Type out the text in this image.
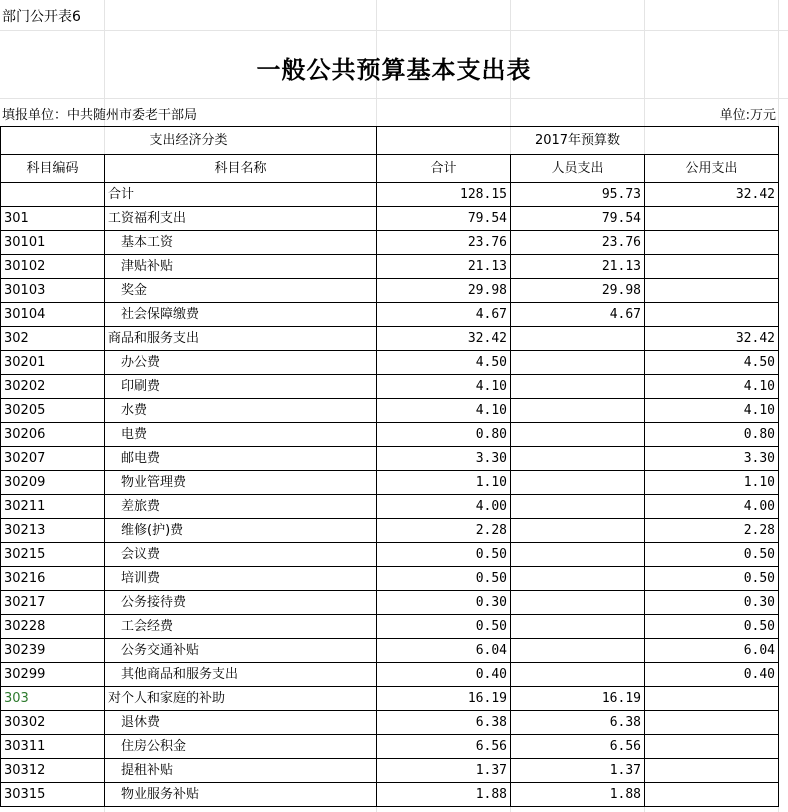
部门公开表6
一般公共预算基本支出表
填报单位：中共随州市委老干部局	单位:万元
支出经济分类		2017年预算数		
科目编码	科目名称	合计	人员支出	公用支出
	合计	128.15	95.73	32.42
301	工资福利支出	79.54	79.54	
30101	基本工资	23.76	23.76	
30102	津贴补贴	21.13	21.13	
30103	奖金	29.98	29.98	
30104	社会保障缴费	4.67	4.67	
302	商品和服务支出	32.42		32.42
30201	办公费	4.50		4.50
30202	印刷费	4.10		4.10
30205	水费	4.10		4.10
30206	电费	0.80		0.80
30207	邮电费	3.30		3.30
30209	物业管理费	1.10		1.10
30211	差旅费	4.00		4.00
30213	维修(护)费	2.28		2.28
30215	会议费	0.50		0.50
30216	培训费	0.50		0.50
30217	公务接待费	0.30		0.30
30228	工会经费	0.50		0.50
30239	公务交通补贴	6.04		6.04
30299	其他商品和服务支出	0.40		0.40
303	对个人和家庭的补助	16.19	16.19	
30302	退休费	6.38	6.38	
30311	住房公积金	6.56	6.56	
30312	提租补贴	1.37	1.37	
30315	物业服务补贴	1.88	1.88	
